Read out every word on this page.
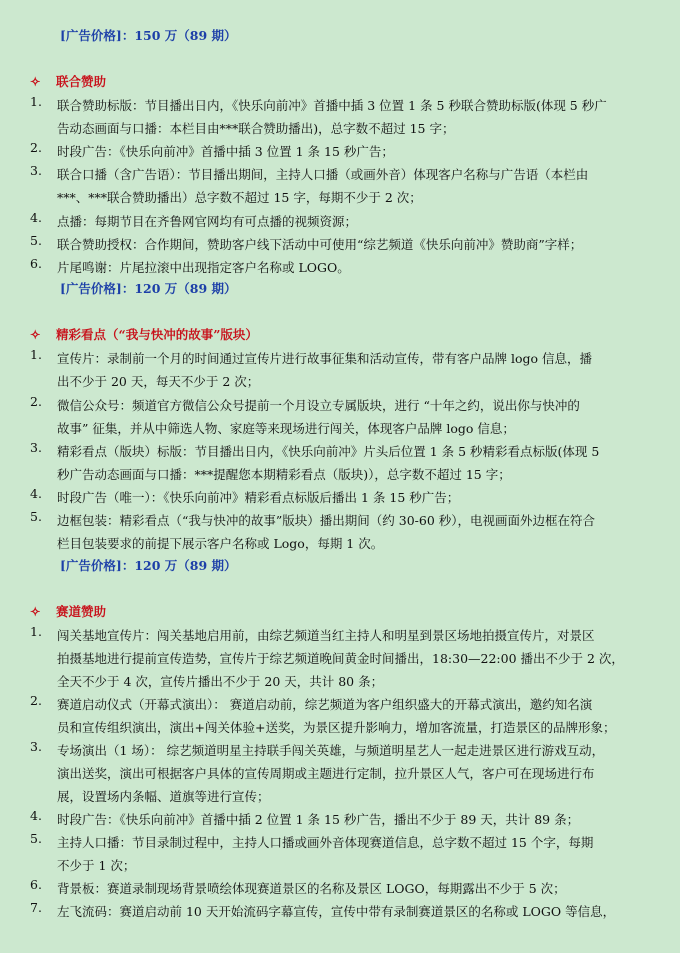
[广告价格]：150 万（89 期）
✧ 联合赞助
1.	联合赞助标版：节目播出日内，《快乐向前冲》首播中插 3 位置 1 条 5 秒联合赞助标版(体现 5 秒广
告动态画面与口播：本栏目由***联合赞助播出)，总字数不超过 15 字；
2.	时段广告：《快乐向前冲》首播中插 3 位置 1 条 15 秒广告；
3.	联合口播（含广告语）：节目播出期间，主持人口播（或画外音）体现客户名称与广告语（本栏由
***、***联合赞助播出）总字数不超过 15 字，每期不少于 2 次；
4.	点播：每期节目在齐鲁网官网均有可点播的视频资源；
5.	联合赞助授权：合作期间，赞助客户线下活动中可使用“综艺频道《快乐向前冲》赞助商”字样；
6.	片尾鸣谢：片尾拉滚中出现指定客户名称或 LOGO。
[广告价格]：120 万（89 期）
✧ 精彩看点（“我与快冲的故事”版块）
1.	宣传片：录制前一个月的时间通过宣传片进行故事征集和活动宣传，带有客户品牌 logo 信息，播
出不少于 20 天，每天不少于 2 次；
2.	微信公众号：频道官方微信公众号提前一个月设立专属版块，进行 “十年之约，说出你与快冲的
故事” 征集，并从中筛选人物、家庭等来现场进行闯关，体现客户品牌 logo 信息；
3.	精彩看点（版块）标版：节目播出日内，《快乐向前冲》片头后位置 1 条 5 秒精彩看点标版(体现 5
秒广告动态画面与口播：***提醒您本期精彩看点（版块)），总字数不超过 15 字；
4.	时段广告（唯一）：《快乐向前冲》精彩看点标版后播出 1 条 15 秒广告；
5.	边框包装：精彩看点（“我与快冲的故事”版块）播出期间（约 30-60 秒），电视画面外边框在符合
栏目包装要求的前提下展示客户名称或 Logo，每期 1 次。
[广告价格]：120 万（89 期）
✧ 赛道赞助
1.	闯关基地宣传片：闯关基地启用前，由综艺频道当红主持人和明星到景区场地拍摄宣传片，对景区
拍摄基地进行提前宣传造势，宣传片于综艺频道晚间黄金时间播出，18:30—22:00 播出不少于 2 次，
全天不少于 4 次，宣传片播出不少于 20 天，共计 80 条；
2.	赛道启动仪式（开幕式演出）： 赛道启动前，综艺频道为客户组织盛大的开幕式演出，邀约知名演
员和宣传组织演出，演出+闯关体验+送奖，为景区提升影响力，增加客流量，打造景区的品牌形象；
3.	专场演出（1 场）： 综艺频道明星主持联手闯关英雄，与频道明星艺人一起走进景区进行游戏互动，
演出送奖，演出可根据客户具体的宣传周期或主题进行定制，拉升景区人气，客户可在现场进行布
展，设置场内条幅、道旗等进行宣传；
4.	时段广告：《快乐向前冲》首播中插 2 位置 1 条 15 秒广告，播出不少于 89 天，共计 89 条；
5.	主持人口播：节目录制过程中，主持人口播或画外音体现赛道信息，总字数不超过 15 个字，每期
不少于 1 次；
6.	背景板：赛道录制现场背景喷绘体现赛道景区的名称及景区 LOGO，每期露出不少于 5 次；
7.	左飞流码：赛道启动前 10 天开始流码字幕宣传，宣传中带有录制赛道景区的名称或 LOGO 等信息，
